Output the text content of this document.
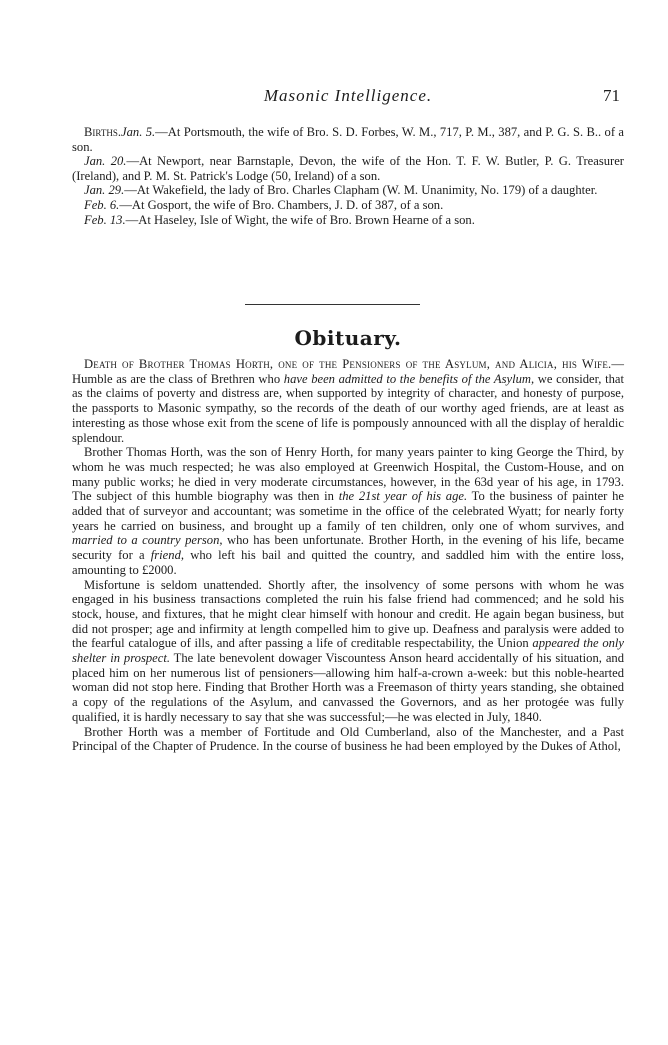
Masonic Intelligence.	71

Births.Jan. 5.—At Portsmouth, the wife of Bro. S. D. Forbes, W. M., 717, P. M., 387, and P. G. S. B.. of a son.

Jan. 20.—At Newport, near Barnstaple, Devon, the wife of the Hon. T. F. W. Butler, P. G. Treasurer (Ireland), and P. M. St. Patrick's Lodge (50, Ireland) of a son.

Jan. 29.—At Wakefield, the lady of Bro. Charles Clapham (W. M. Unanimity, No. 179) of a daughter.

Feb. 6.—At Gosport, the wife of Bro. Chambers, J. D. of 387, of a son.

Feb. 13.—At Haseley, Isle of Wight, the wife of Bro. Brown Hearne of a son.

Obituary.

Death of Brother Thomas Horth, one of the Pensioners of the Asylum, and Alicia, his Wife.—Humble as are the class of Brethren who have been admitted to the benefits of the Asylum, we consider, that as the claims of poverty and distress are, when supported by integrity of character, and honesty of purpose, the passports to Masonic sympathy, so the records of the death of our worthy aged friends, are at least as interesting as those whose exit from the scene of life is pompously announced with all the display of heraldic splendour.

Brother Thomas Horth, was the son of Henry Horth, for many years painter to king George the Third, by whom he was much respected; he was also employed at Greenwich Hospital, the Custom-House, and on many public works; he died in very moderate circumstances, however, in the 63d year of his age, in 1793. The subject of this humble biography was then in the 21st year of his age. To the business of painter he added that of surveyor and accountant; was sometime in the office of the celebrated Wyatt; for nearly forty years he carried on business, and brought up a family of ten children, only one of whom survives, and married to a country person, who has been unfortunate. Brother Horth, in the evening of his life, became security for a friend, who left his bail and quitted the country, and saddled him with the entire loss, amounting to £2000.

Misfortune is seldom unattended. Shortly after, the insolvency of some persons with whom he was engaged in his business transactions completed the ruin his false friend had commenced; and he sold his stock, house, and fixtures, that he might clear himself with honour and credit. He again began business, but did not prosper; age and infirmity at length compelled him to give up. Deafness and paralysis were added to the fearful catalogue of ills, and after passing a life of creditable respectability, the Union appeared the only shelter in prospect. The late benevolent dowager Viscountess Anson heard accidentally of his situation, and placed him on her numerous list of pensioners—allowing him half-a-crown a-week: but this noble-hearted woman did not stop here. Finding that Brother Horth was a Freemason of thirty years standing, she obtained a copy of the regulations of the Asylum, and canvassed the Governors, and as her protogée was fully qualified, it is hardly necessary to say that she was successful;—he was elected in July, 1840.

Brother Horth was a member of Fortitude and Old Cumberland, also of the Manchester, and a Past Principal of the Chapter of Prudence. In the course of business he had been employed by the Dukes of Athol,
